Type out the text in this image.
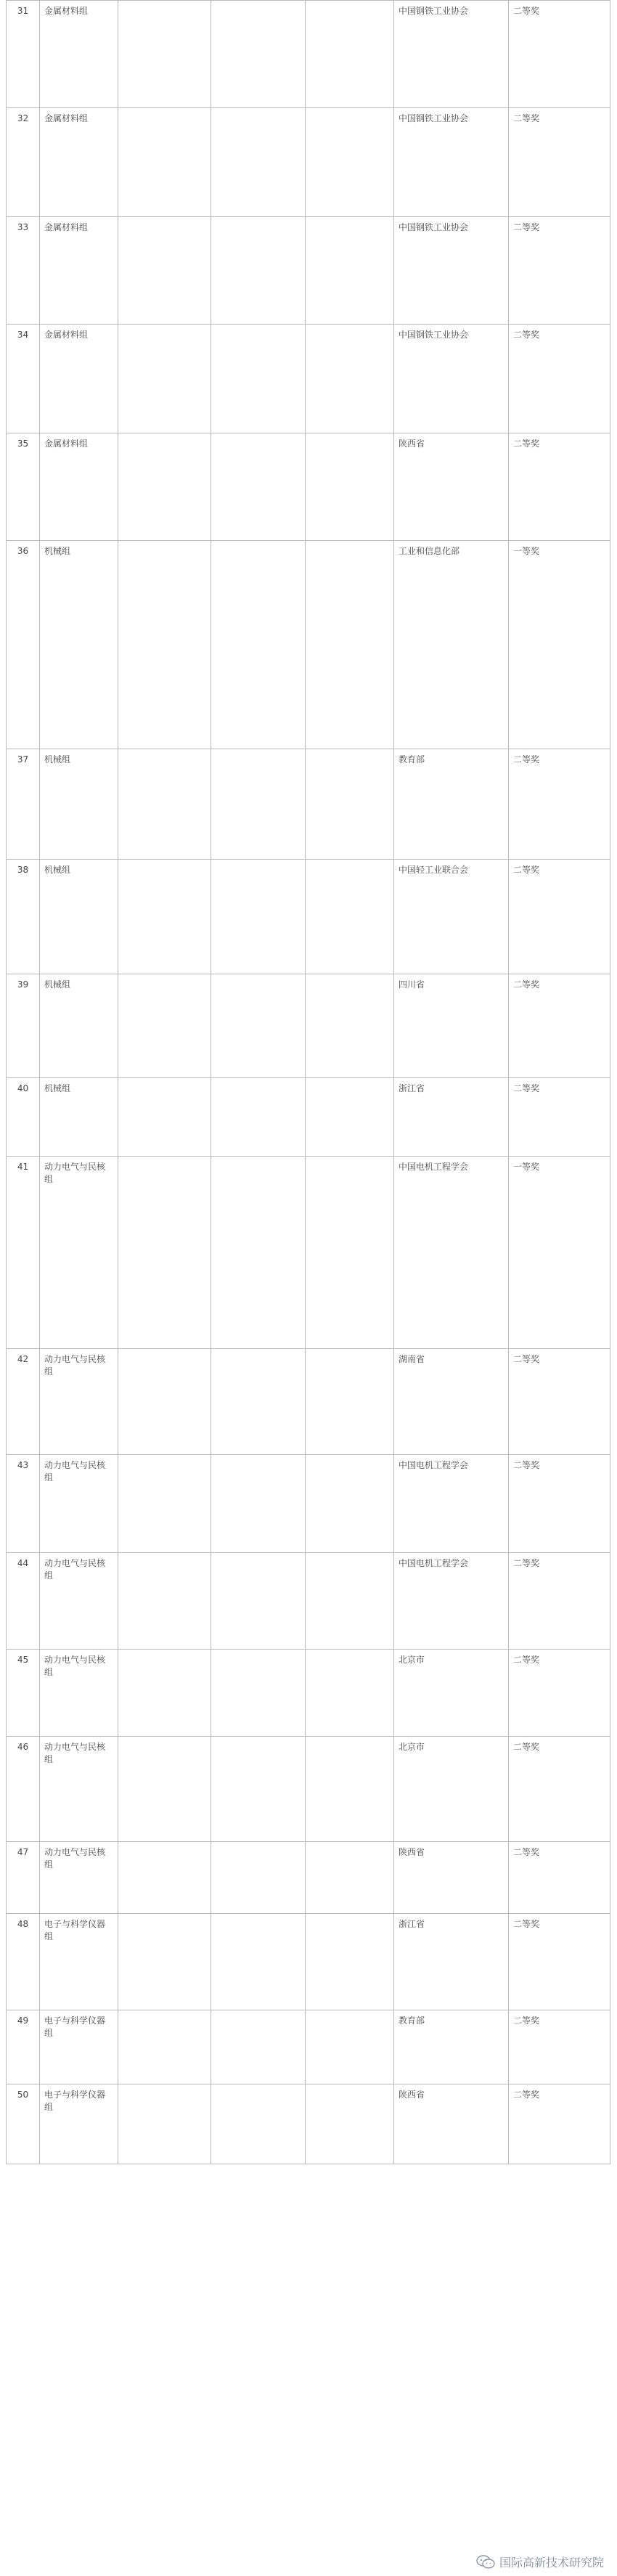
31	金属材料组				中国钢铁工业协会	二等奖
32	金属材料组				中国钢铁工业协会	二等奖
33	金属材料组				中国钢铁工业协会	二等奖
34	金属材料组				中国钢铁工业协会	二等奖
35	金属材料组				陕西省	二等奖
36	机械组				工业和信息化部	一等奖
37	机械组				教育部	二等奖
38	机械组				中国轻工业联合会	二等奖
39	机械组				四川省	二等奖
40	机械组				浙江省	二等奖
41	动力电气与民核组				中国电机工程学会	一等奖
42	动力电气与民核组				湖南省	二等奖
43	动力电气与民核组				中国电机工程学会	二等奖
44	动力电气与民核组				中国电机工程学会	二等奖
45	动力电气与民核组				北京市	二等奖
46	动力电气与民核组				北京市	二等奖
47	动力电气与民核组				陕西省	二等奖
48	电子与科学仪器组				浙江省	二等奖
49	电子与科学仪器组				教育部	二等奖
50	电子与科学仪器组				陕西省	二等奖
国际高新技术研究院
